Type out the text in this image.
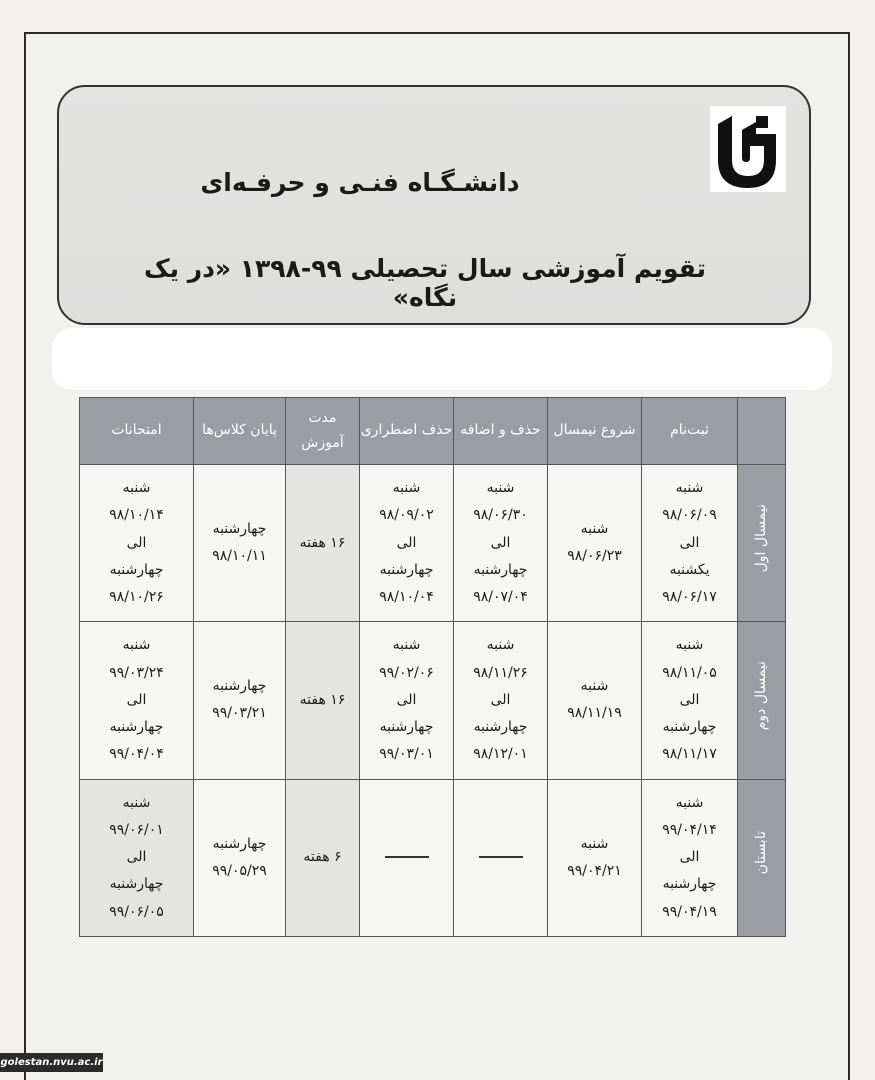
دانشـگـاه فنـی و حرفـه‌ای
تقویم آموزشی سال تحصیلی ۹۹-۱۳۹۸ «در یک نگاه»
	ثبت‌نام	شروع نیمسال	حذف و اضافه	حذف اضطراری	مدت آموزش	پایان کلاس‌ها	امتحانات
نیمسال اول	شنبه
۹۸/۰۶/۰۹
الی
یکشنبه
۹۸/۰۶/۱۷	شنبه
۹۸/۰۶/۲۳	شنبه
۹۸/۰۶/۳۰
الی
چهارشنبه
۹۸/۰۷/۰۴	شنبه
۹۸/۰۹/۰۲
الی
چهارشنبه
۹۸/۱۰/۰۴	۱۶ هفته	چهارشنبه
۹۸/۱۰/۱۱	شنبه
۹۸/۱۰/۱۴
الی
چهارشنبه
۹۸/۱۰/۲۶

نیمسال دوم	شنبه
۹۸/۱۱/۰۵
الی
چهارشنبه
۹۸/۱۱/۱۷	شنبه
۹۸/۱۱/۱۹	شنبه
۹۸/۱۱/۲۶
الی
چهارشنبه
۹۸/۱۲/۰۱	شنبه
۹۹/۰۲/۰۶
الی
چهارشنبه
۹۹/۰۳/۰۱	۱۶ هفته	چهارشنبه
۹۹/۰۳/۲۱	شنبه
۹۹/۰۳/۲۴
الی
چهارشنبه
۹۹/۰۴/۰۴

تابستان	شنبه
۹۹/۰۴/۱۴
الی
چهارشنبه
۹۹/۰۴/۱۹	شنبه
۹۹/۰۴/۲۱			۶ هفته	چهارشنبه
۹۹/۰۵/۲۹	شنبه
۹۹/۰۶/۰۱
الی
چهارشنبه
۹۹/۰۶/۰۵
golestan.nvu.ac.ir
